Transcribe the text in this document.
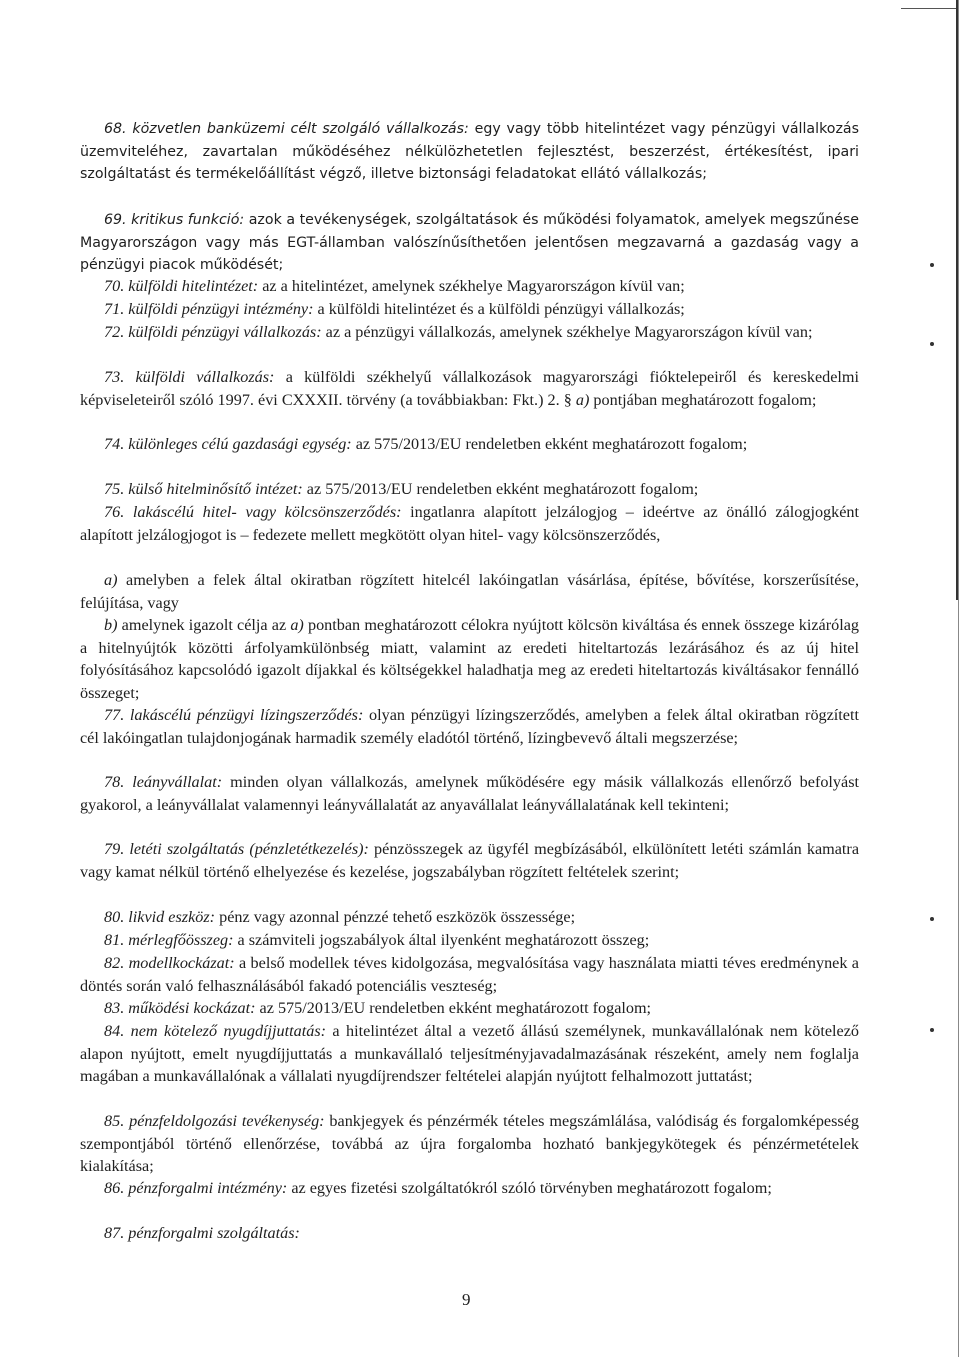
68. közvetlen banküzemi célt szolgáló vállalkozás: egy vagy több hitelintézet vagy pénzügyi vállalkozás üzemviteléhez, zavartalan működéséhez nélkülözhetetlen fejlesztést, beszerzést, értékesítést, ipari szolgáltatást és termékelőállítást végző, illetve biztonsági feladatokat ellátó vállalkozás;

69. kritikus funkció: azok a tevékenységek, szolgáltatások és működési folyamatok, amelyek megszűnése Magyarországon vagy más EGT-államban valószínűsíthetően jelentősen megzavarná a gazdaság vagy a pénzügyi piacok működését;

70. külföldi hitelintézet: az a hitelintézet, amelynek székhelye Magyarországon kívül van;

71. külföldi pénzügyi intézmény: a külföldi hitelintézet és a külföldi pénzügyi vállalkozás;

72. külföldi pénzügyi vállalkozás: az a pénzügyi vállalkozás, amelynek székhelye Magyarországon kívül van;

73. külföldi vállalkozás: a külföldi székhelyű vállalkozások magyarországi fióktelepeiről és kereskedelmi képviseleteiről szóló 1997. évi CXXXII. törvény (a továbbiakban: Fkt.) 2. § a) pontjában meghatározott fogalom;

74. különleges célú gazdasági egység: az 575/2013/EU rendeletben ekként meghatározott fogalom;

75. külső hitelminősítő intézet: az 575/2013/EU rendeletben ekként meghatározott fogalom;

76. lakáscélú hitel- vagy kölcsönszerződés: ingatlanra alapított jelzálogjog – ideértve az önálló zálogjogként alapított jelzálogjogot is – fedezete mellett megkötött olyan hitel- vagy kölcsönszerződés,

a) amelyben a felek által okiratban rögzített hitelcél lakóingatlan vásárlása, építése, bővítése, korszerűsítése, felújítása, vagy

b) amelynek igazolt célja az a) pontban meghatározott célokra nyújtott kölcsön kiváltása és ennek összege kizárólag a hitelnyújtók közötti árfolyamkülönbség miatt, valamint az eredeti hiteltartozás lezárásához és az új hitel folyósításához kapcsolódó igazolt díjakkal és költségekkel haladhatja meg az eredeti hiteltartozás kiváltásakor fennálló összeget;

77. lakáscélú pénzügyi lízingszerződés: olyan pénzügyi lízingszerződés, amelyben a felek által okiratban rögzített cél lakóingatlan tulajdonjogának harmadik személy eladótól történő, lízingbevevő általi megszerzése;

78. leányvállalat: minden olyan vállalkozás, amelynek működésére egy másik vállalkozás ellenőrző befolyást gyakorol, a leányvállalat valamennyi leányvállalatát az anyavállalat leányvállalatának kell tekinteni;

79. letéti szolgáltatás (pénzletétkezelés): pénzösszegek az ügyfél megbízásából, elkülönített letéti számlán kamatra vagy kamat nélkül történő elhelyezése és kezelése, jogszabályban rögzített feltételek szerint;

80. likvid eszköz: pénz vagy azonnal pénzzé tehető eszközök összessége;

81. mérlegfőösszeg: a számviteli jogszabályok által ilyenként meghatározott összeg;

82. modellkockázat: a belső modellek téves kidolgozása, megvalósítása vagy használata miatti téves eredménynek a döntés során való felhasználásából fakadó potenciális veszteség;

83. működési kockázat: az 575/2013/EU rendeletben ekként meghatározott fogalom;

84. nem kötelező nyugdíjjuttatás: a hitelintézet által a vezető állású személynek, munkavállalónak nem kötelező alapon nyújtott, emelt nyugdíjjuttatás a munkavállaló teljesítményjavadalmazásának részeként, amely nem foglalja magában a munkavállalónak a vállalati nyugdíjrendszer feltételei alapján nyújtott felhalmozott juttatást;

85. pénzfeldolgozási tevékenység: bankjegyek és pénzérmék tételes megszámlálása, valódiság és forgalomképesség szempontjából történő ellenőrzése, továbbá az újra forgalomba hozható bankjegykötegek és pénzérmetételek kialakítása;

86. pénzforgalmi intézmény: az egyes fizetési szolgáltatókról szóló törvényben meghatározott fogalom;

87. pénzforgalmi szolgáltatás:

9
